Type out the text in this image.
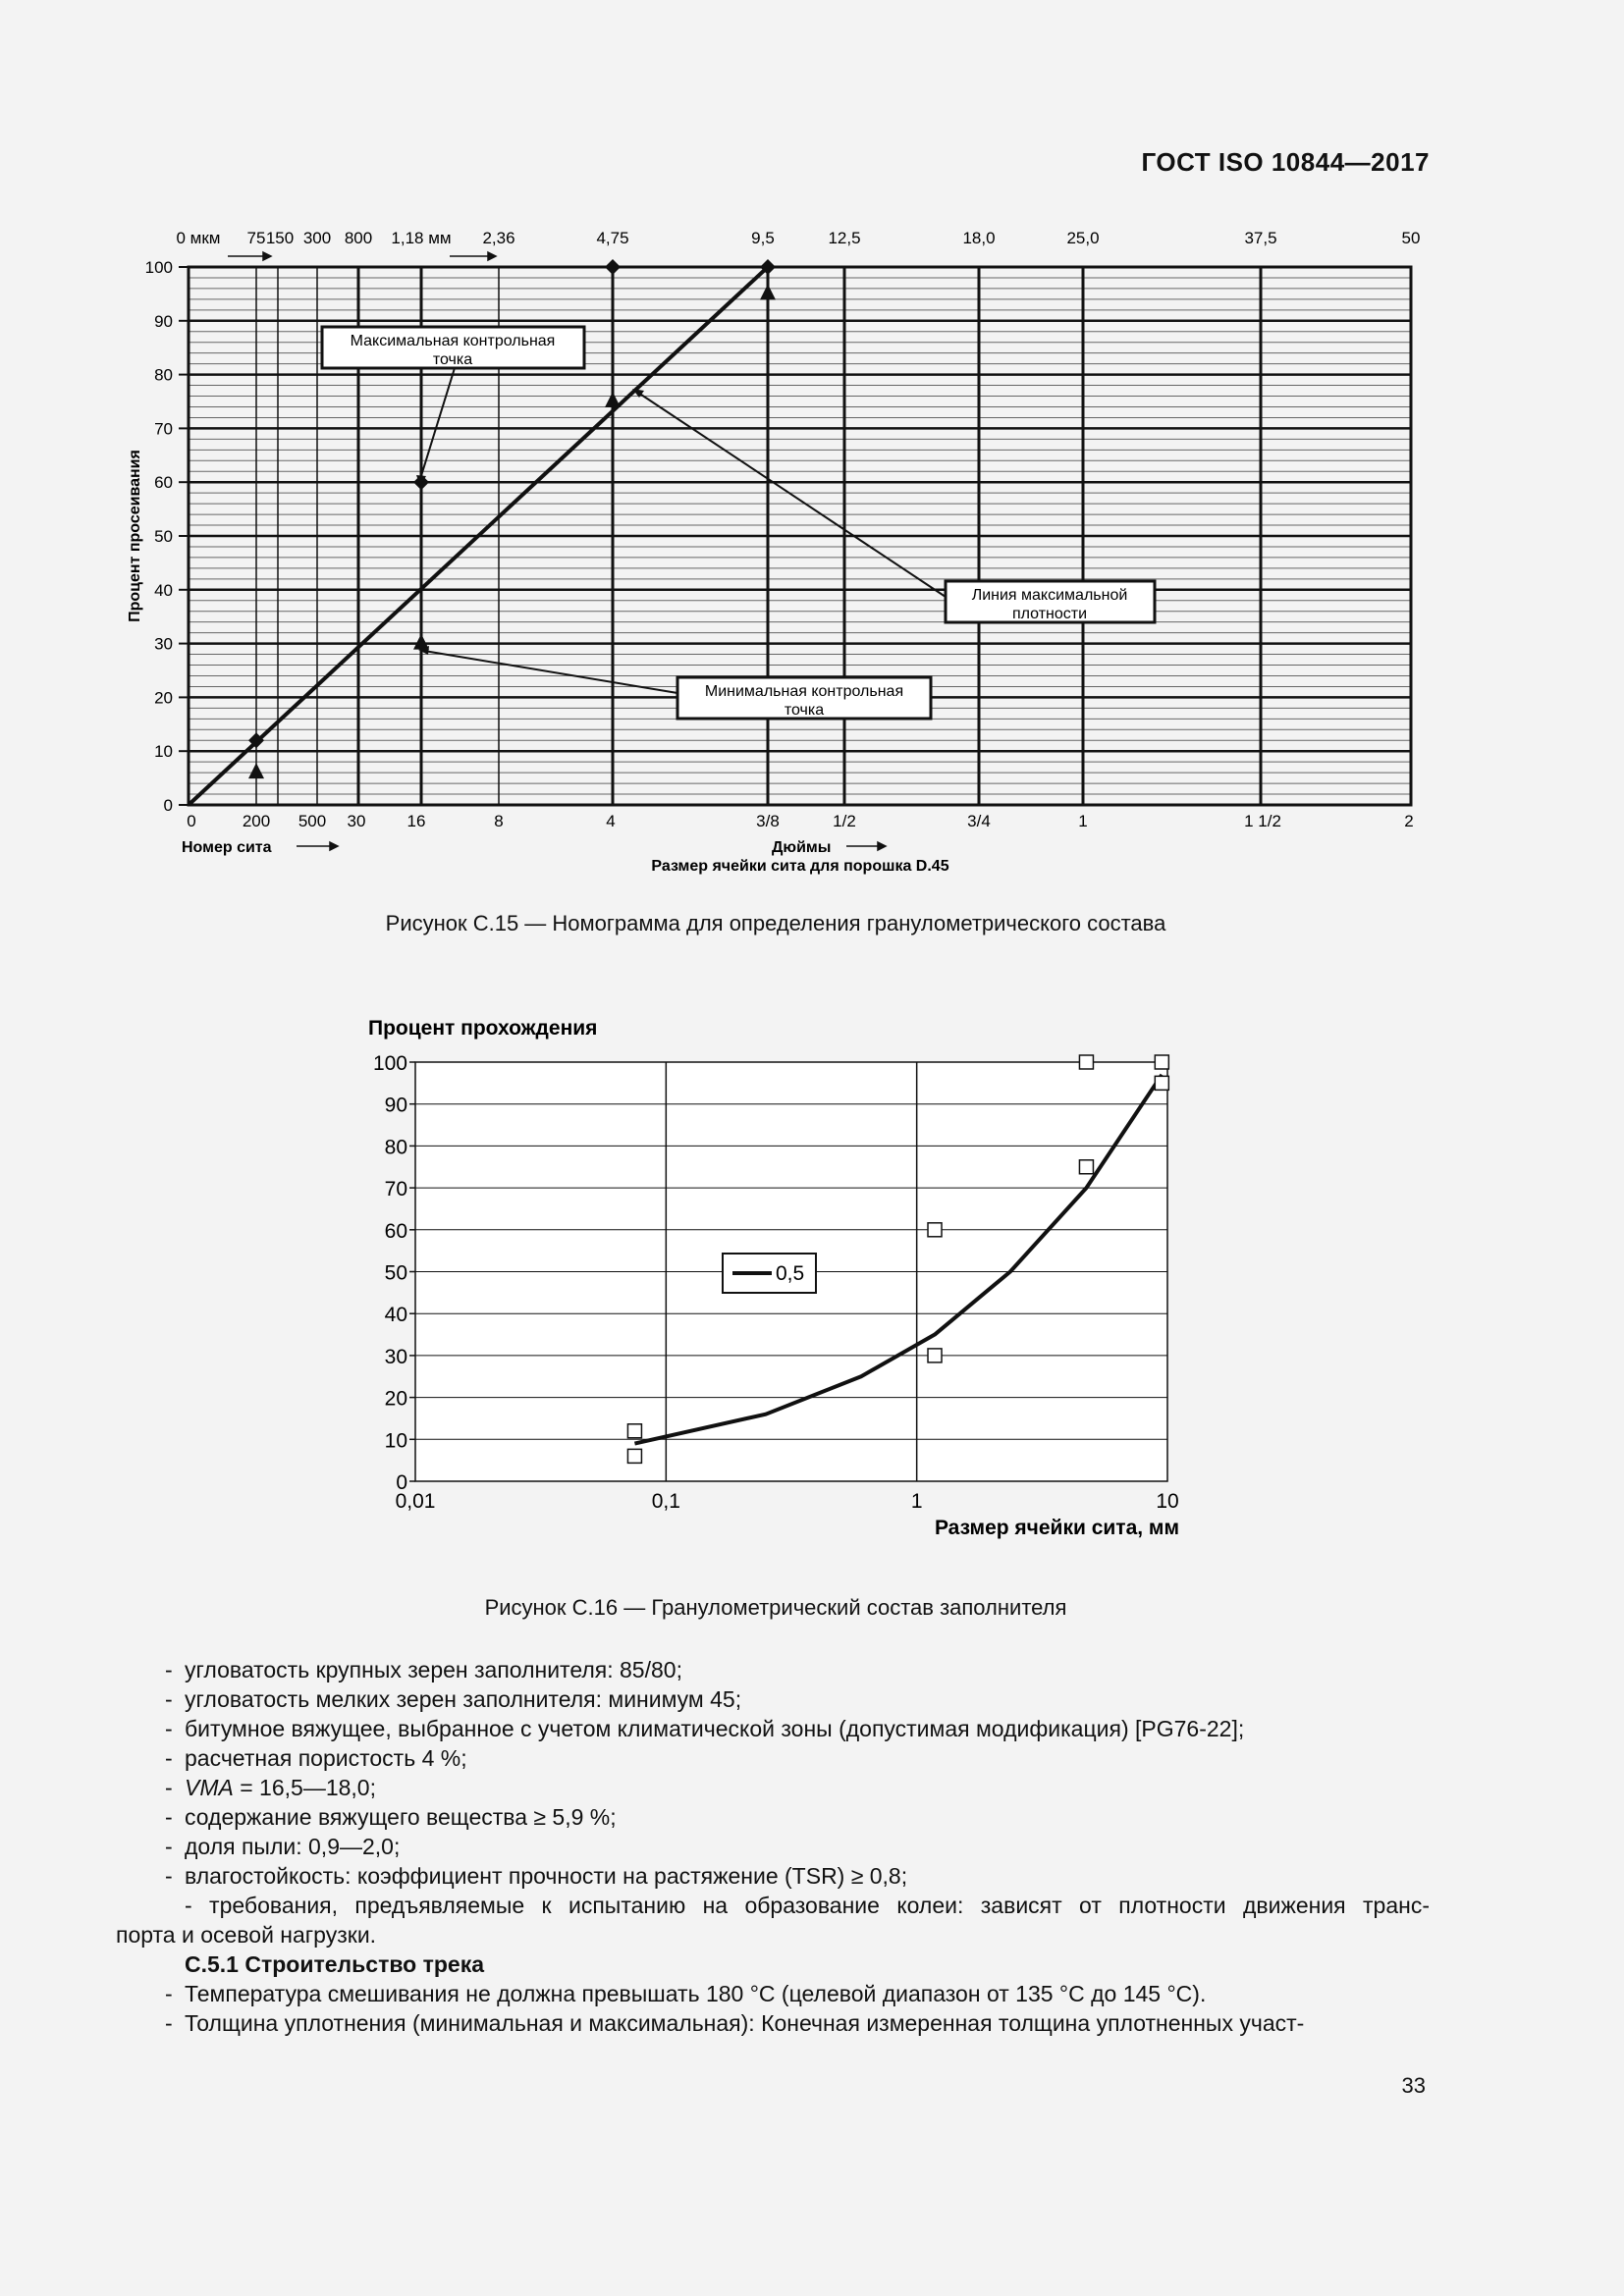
ГОСТ ISO 10844—2017
0
10
20
30
40
50
60
70
80
90
100
0 мкм 75 150 300 800 1,18 мм 2,36	4,75	9,5	12,5	18,0	25,0	37,5	50
0	200 500 30 16	8	4	3/8	1/2	3/4	1	1 1/2	2
Процент просеивания
Номер сита	Дюймы
Размер ячейки сита для порошка D.45
Максимальная контрольная
точка
Линия максимальной
плотности
Минимальная контрольная
точка
Рисунок С.15 — Номограмма для определения гранулометрического состава
0
10
20
30
40
50
60
70
80
90
100
0,01	0,1	1	10
Процент прохождения
Размер ячейки сита, мм
0,5
Рисунок С.16 — Гранулометрический состав заполнителя
- угловатость крупных зерен заполнителя: 85/80;
- угловатость мелких зерен заполнителя: минимум 45;
- битумное вяжущее, выбранное с учетом климатической зоны (допустимая модификация) [PG76-22];
- расчетная пористость 4 %;
- VMA = 16,5—18,0;
- содержание вяжущего вещества ≥ 5,9 %;
- доля пыли: 0,9—2,0;
- влагостойкость: коэффициент прочности на растяжение (TSR) ≥ 0,8;
- требования, предъявляемые к испытанию на образование колеи: зависят от плотности движения транс-
порта и осевой нагрузки.
С.5.1 Строительство трека
- Температура смешивания не должна превышать 180 °С (целевой диапазон от 135 °С до 145 °С).
- Толщина уплотнения (минимальная и максимальная): Конечная измеренная толщина уплотненных участ-
33
